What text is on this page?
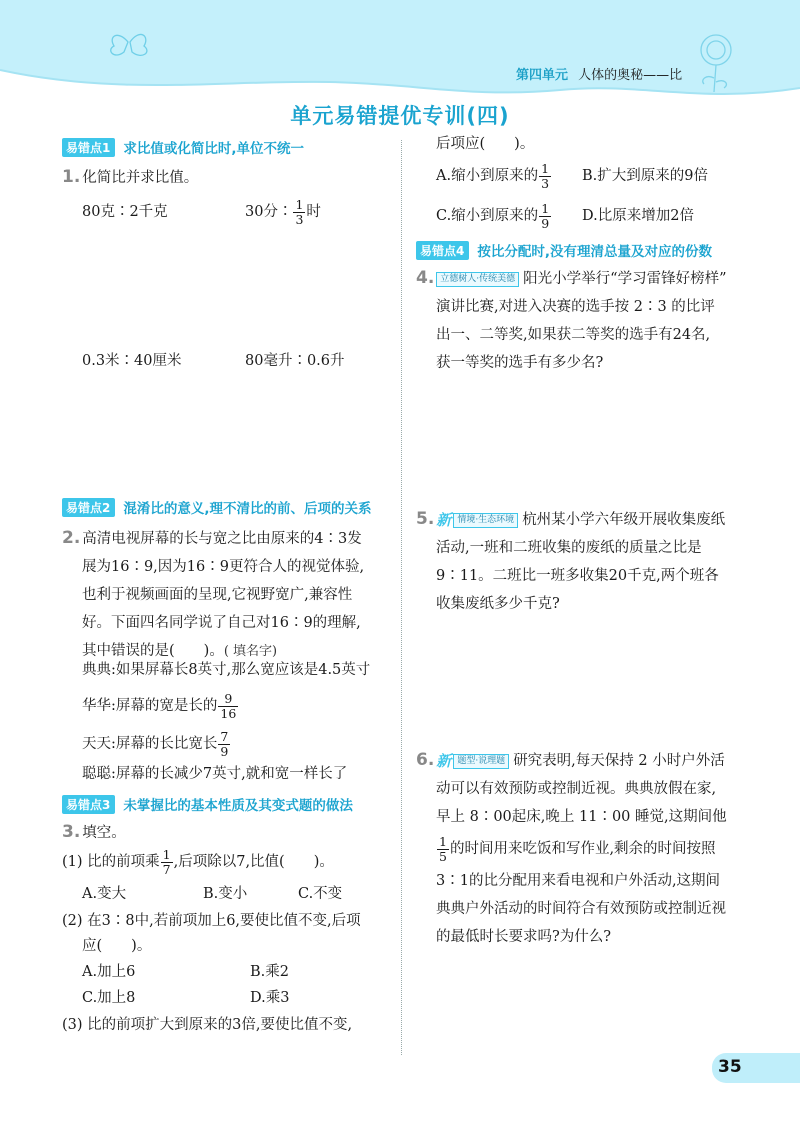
第四单元 人体的奥秘——比
单元易错提优专训(四)
易错点1 求比值或化简比时,单位不统一
1. 化简比并求比值。
80克∶2千克	30分∶ $\frac{1}{3}$ 时
0.3米∶40厘米	80毫升∶0.6升
易错点2 混淆比的意义,理不清比的前、后项的关系
2. 高清电视屏幕的长与宽之比由原来的4∶3发
展为16∶9,因为16∶9更符合人的视觉体验,
也利于视频画面的呈现,它视野宽广,兼容性
好。下面四名同学说了自己对16∶9的理解,
其中错误的是(　　)。( 填名字)
典典:如果屏幕长8英寸,那么宽应该是4.5英寸
华华:屏幕的宽是长的 $\frac{9}{16}$
天天:屏幕的长比宽长 $\frac{7}{9}$
聪聪:屏幕的长减少7英寸,就和宽一样长了
易错点3 未掌握比的基本性质及其变式题的做法
3. 填空。
(1) 比的前项乘 $\frac{1}{7}$ ,后项除以7,比值(　　)。
A.变大	B.变小	C.不变
(2) 在3∶8中,若前项加上6,要使比值不变,后项
应(　　)。
A.加上6	B.乘2
C.加上8	D.乘3
(3) 比的前项扩大到原来的3倍,要使比值不变,
后项应(　　)。
A.缩小到原来的 $\frac{1}{3} B$.扩大到原来的9倍
C.缩小到原来的 $\frac{1}{9} D$.比原来增加2倍
易错点4 按比分配时,没有理清总量及对应的份数
4. 立德树人·传统美德 阳光小学举行“学习雷锋好榜样”
演讲比赛,对进入决赛的选手按 2∶3 的比评
出一、二等奖,如果获二等奖的选手有24名,
获一等奖的选手有多少名?
5. 新 情境·生态环境 杭州某小学六年级开展收集废纸
活动,一班和二班收集的废纸的质量之比是
9∶11。二班比一班多收集20千克,两个班各
收集废纸多少千克?
6. 新 题型·说理题 研究表明,每天保持 2 小时户外活
动可以有效预防或控制近视。典典放假在家,
早上 8∶00起床,晚上 11∶00 睡觉,这期间他
$\frac{1}{5}$ 的时间用来吃饭和写作业,剩余的时间按照
3∶1的比分配用来看电视和户外活动,这期间
典典户外活动的时间符合有效预防或控制近视
的最低时长要求吗?为什么?
35
